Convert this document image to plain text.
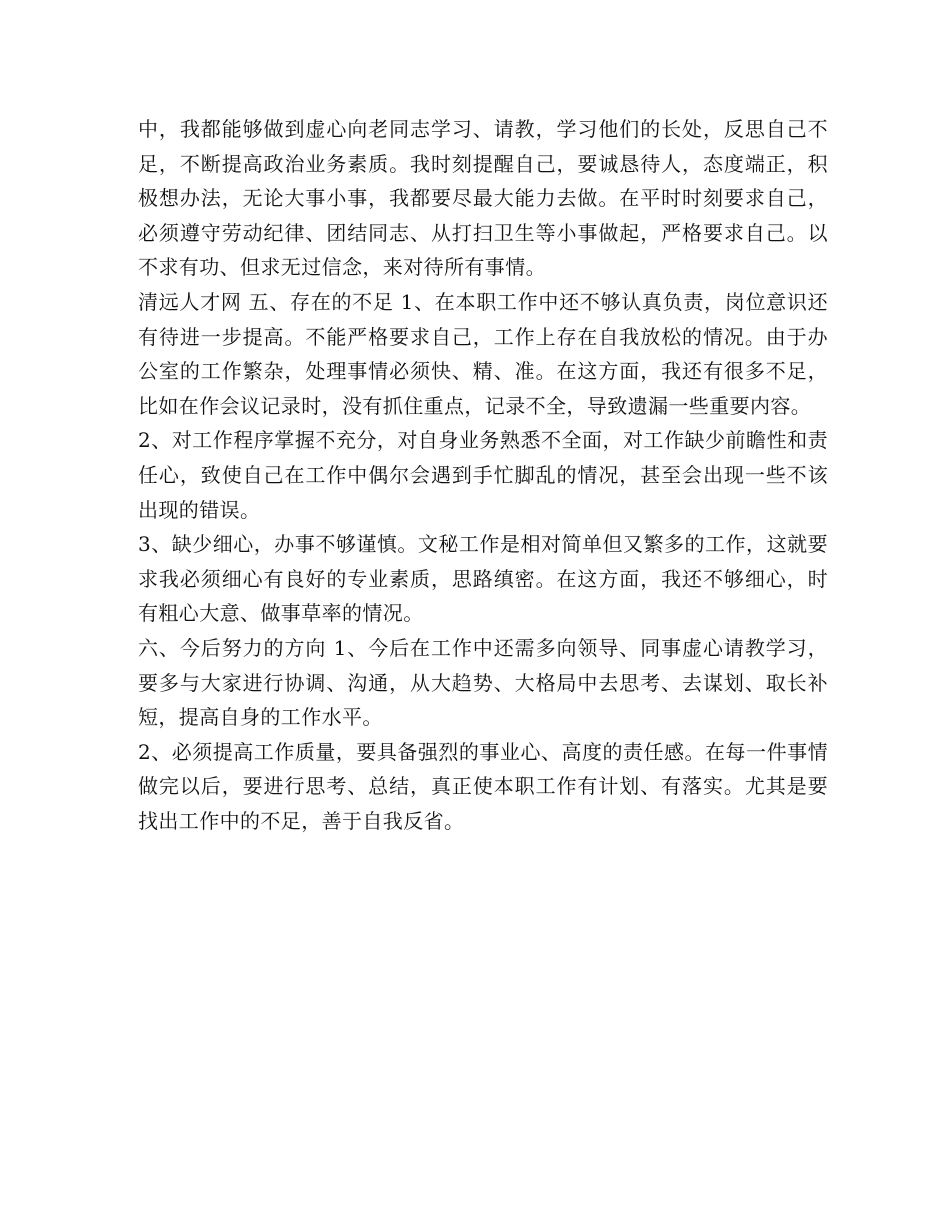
中，我都能够做到虚心向老同志学习、请教，学习他们的长处，反思自己不足，不断提高政治业务素质。我时刻提醒自己，要诚恳待人，态度端正，积极想办法，无论大事小事，我都要尽最大能力去做。在平时时刻要求自己，必须遵守劳动纪律、团结同志、从打扫卫生等小事做起，严格要求自己。以不求有功、但求无过信念，来对待所有事情。

清远人才网 五、存在的不足 1、在本职工作中还不够认真负责，岗位意识还有待进一步提高。不能严格要求自己，工作上存在自我放松的情况。由于办公室的工作繁杂，处理事情必须快、精、准。在这方面，我还有很多不足，比如在作会议记录时，没有抓住重点，记录不全，导致遗漏一些重要内容。

2、对工作程序掌握不充分，对自身业务熟悉不全面，对工作缺少前瞻性和责任心，致使自己在工作中偶尔会遇到手忙脚乱的情况，甚至会出现一些不该出现的错误。

3、缺少细心，办事不够谨慎。文秘工作是相对简单但又繁多的工作，这就要求我必须细心有良好的专业素质，思路缜密。在这方面，我还不够细心，时有粗心大意、做事草率的情况。

六、今后努力的方向 1、今后在工作中还需多向领导、同事虚心请教学习，要多与大家进行协调、沟通，从大趋势、大格局中去思考、去谋划、取长补短，提高自身的工作水平。

2、必须提高工作质量，要具备强烈的事业心、高度的责任感。在每一件事情做完以后，要进行思考、总结，真正使本职工作有计划、有落实。尤其是要找出工作中的不足，善于自我反省。
